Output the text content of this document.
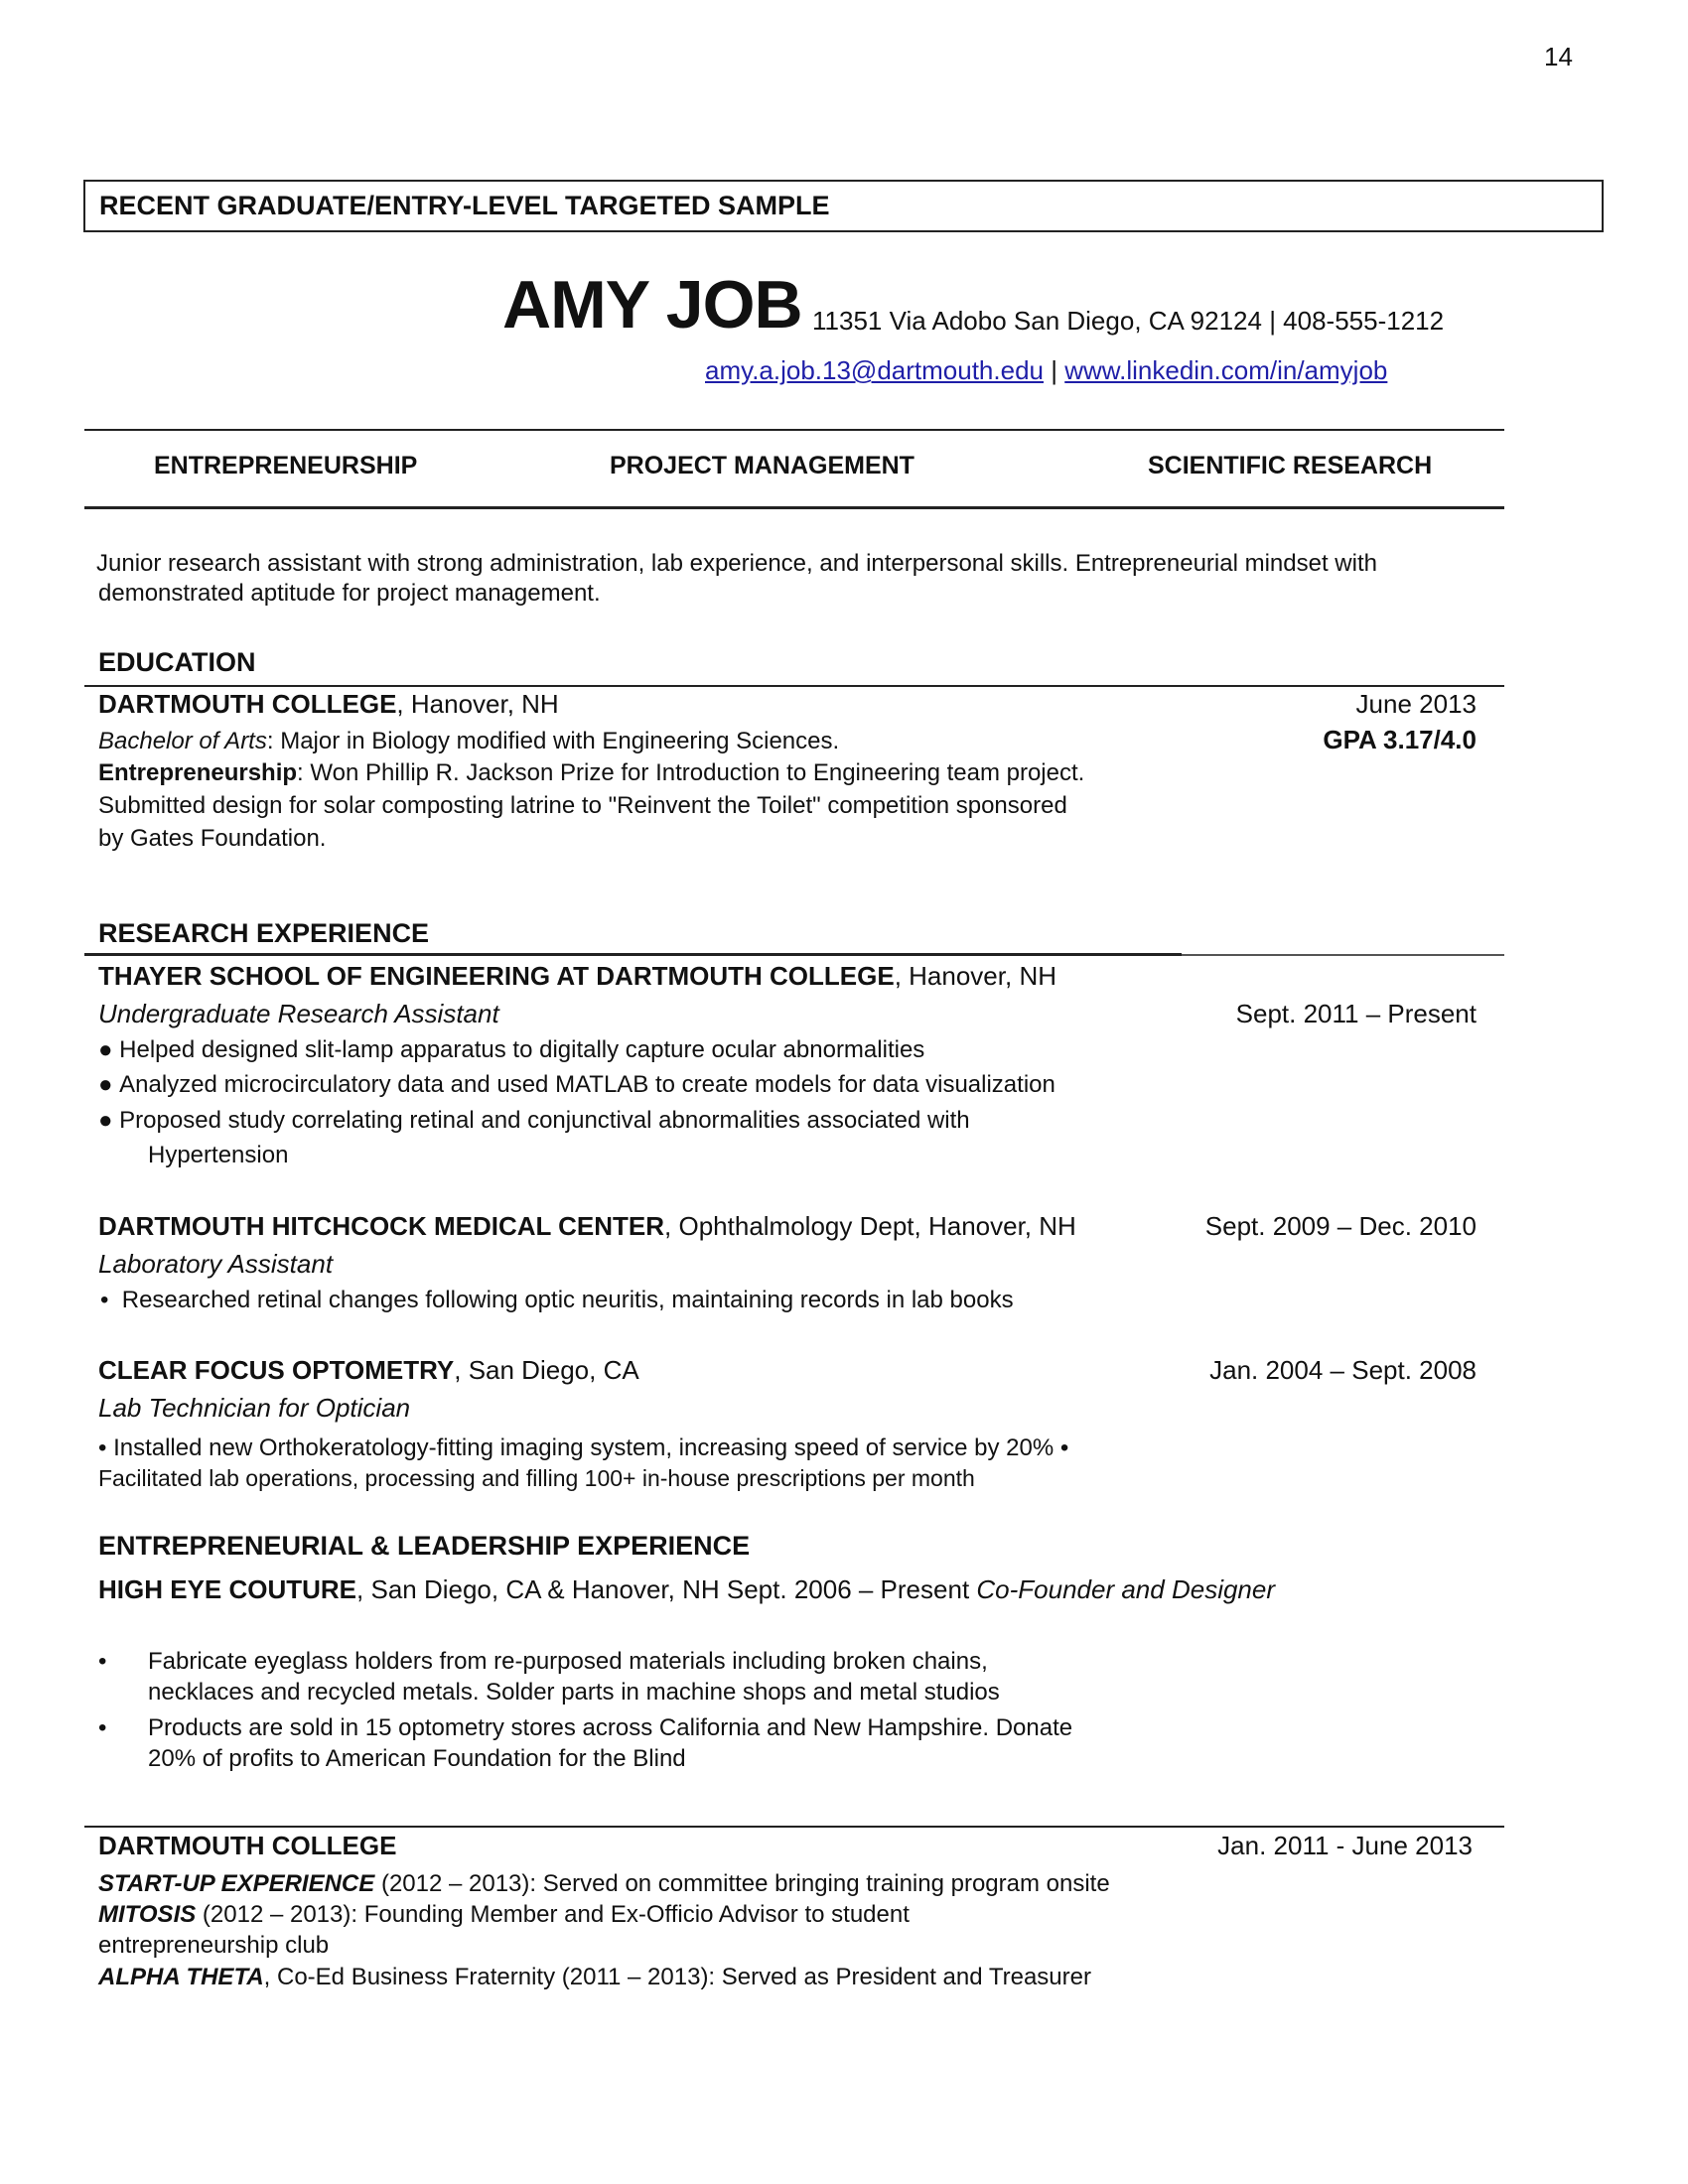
14
RECENT GRADUATE/ENTRY-LEVEL TARGETED SAMPLE
AMY JOB 11351 Via Adobo San Diego, CA 92124 | 408-555-1212
amy.a.job.13@dartmouth.edu | www.linkedin.com/in/amyjob
ENTREPRENEURSHIP	PROJECT MANAGEMENT	SCIENTIFIC RESEARCH
Junior research assistant with strong administration, lab experience, and interpersonal skills. Entrepreneurial mindset with
demonstrated aptitude for project management.
EDUCATION
DARTMOUTH COLLEGE, Hanover, NH	June 2013
GPA 3.17/4.0
Bachelor of Arts: Major in Biology modified with Engineering Sciences.
Entrepreneurship: Won Phillip R. Jackson Prize for Introduction to Engineering team project.
Submitted design for solar composting latrine to "Reinvent the Toilet" competition sponsored
by Gates Foundation.
RESEARCH EXPERIENCE
THAYER SCHOOL OF ENGINEERING AT DARTMOUTH COLLEGE, Hanover, NH
Undergraduate Research Assistant	Sept. 2011 – Present
● Helped designed slit-lamp apparatus to digitally capture ocular abnormalities
● Analyzed microcirculatory data and used MATLAB to create models for data visualization
● Proposed study correlating retinal and conjunctival abnormalities associated with
Hypertension
DARTMOUTH HITCHCOCK MEDICAL CENTER, Ophthalmology Dept, Hanover, NH	Sept. 2009 – Dec. 2010
Laboratory Assistant
•  Researched retinal changes following optic neuritis, maintaining records in lab books
CLEAR FOCUS OPTOMETRY, San Diego, CA	Jan. 2004 – Sept. 2008
Lab Technician for Optician
• Installed new Orthokeratology-fitting imaging system, increasing speed of service by 20% •
Facilitated lab operations, processing and filling 100+ in-house prescriptions per month
ENTREPRENEURIAL & LEADERSHIP EXPERIENCE
HIGH EYE COUTURE, San Diego, CA & Hanover, NH Sept. 2006 – Present Co-Founder and Designer
• Fabricate eyeglass holders from re-purposed materials including broken chains,
necklaces and recycled metals. Solder parts in machine shops and metal studios
• Products are sold in 15 optometry stores across California and New Hampshire. Donate
20% of profits to American Foundation for the Blind
DARTMOUTH COLLEGE	Jan. 2011 - June 2013
START-UP EXPERIENCE (2012 – 2013): Served on committee bringing training program onsite
MITOSIS (2012 – 2013): Founding Member and Ex-Officio Advisor to student
entrepreneurship club
ALPHA THETA, Co-Ed Business Fraternity (2011 – 2013): Served as President and Treasurer
